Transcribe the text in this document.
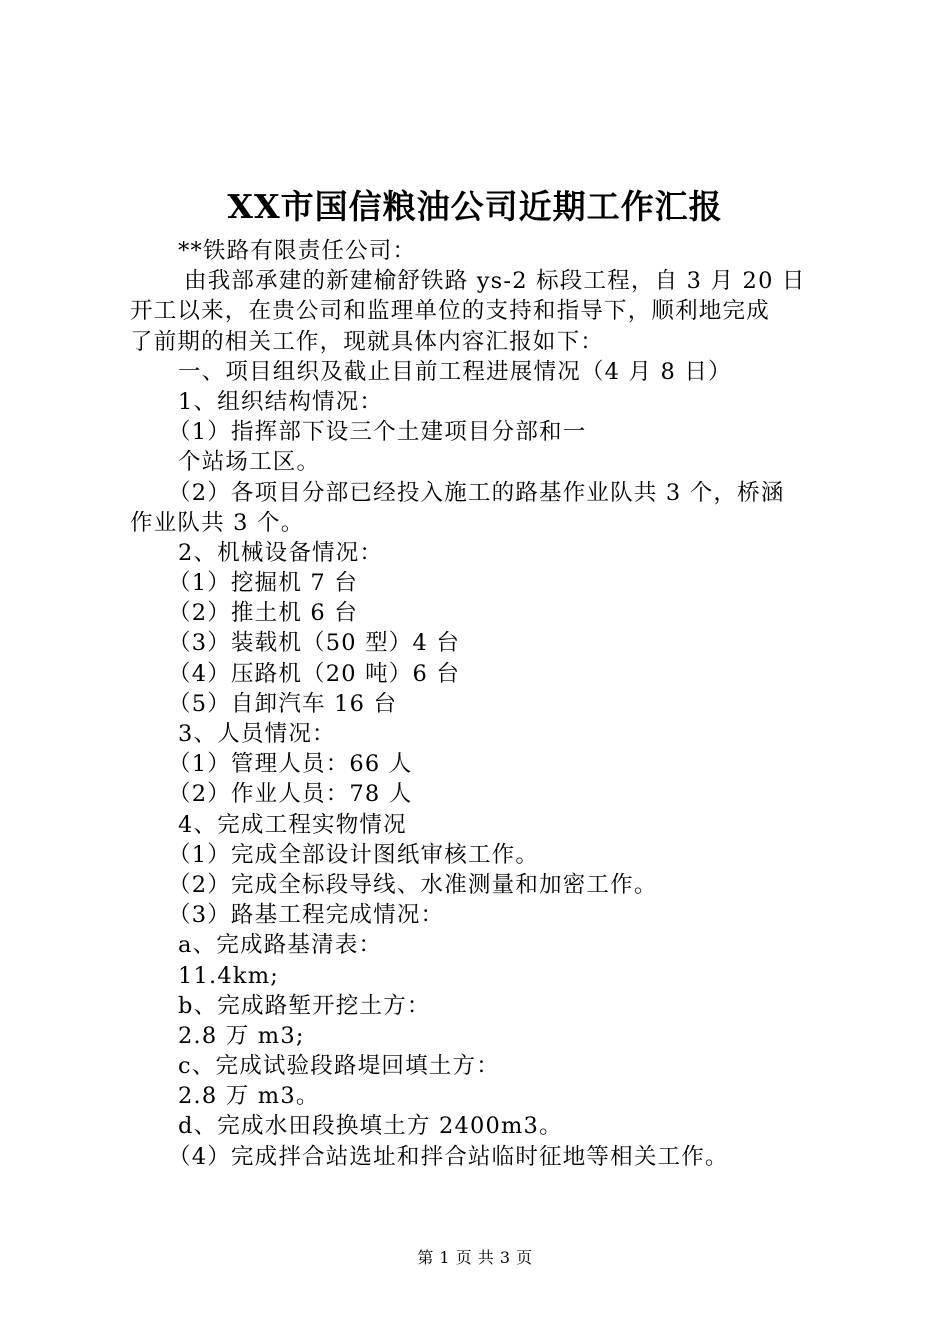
XX市国信粮油公司近期工作汇报
**铁路有限责任公司：
由我部承建的新建榆舒铁路 ys-2 标段工程，自 3 月 20 日
开工以来，在贵公司和监理单位的支持和指导下，顺利地完成
了前期的相关工作，现就具体内容汇报如下：
一、项目组织及截止目前工程进展情况（4 月 8 日）
1、组织结构情况：
（1）指挥部下设三个土建项目分部和一
个站场工区。
（2）各项目分部已经投入施工的路基作业队共 3 个，桥涵
作业队共 3 个。
2、机械设备情况：
（1）挖掘机 7 台
（2）推土机 6 台
（3）装载机（50 型）4 台
（4）压路机（20 吨）6 台
（5）自卸汽车 16 台
3、人员情况：
（1）管理人员：66 人
（2）作业人员：78 人
4、完成工程实物情况
（1）完成全部设计图纸审核工作。
（2）完成全标段导线、水准测量和加密工作。
（3）路基工程完成情况：
a、完成路基清表：
11.4km;
b、完成路堑开挖土方：
2.8 万 m3;
c、完成试验段路堤回填土方：
2.8 万 m3。
d、完成水田段换填土方 2400m3。
（4）完成拌合站选址和拌合站临时征地等相关工作。
第 1 页 共 3 页
